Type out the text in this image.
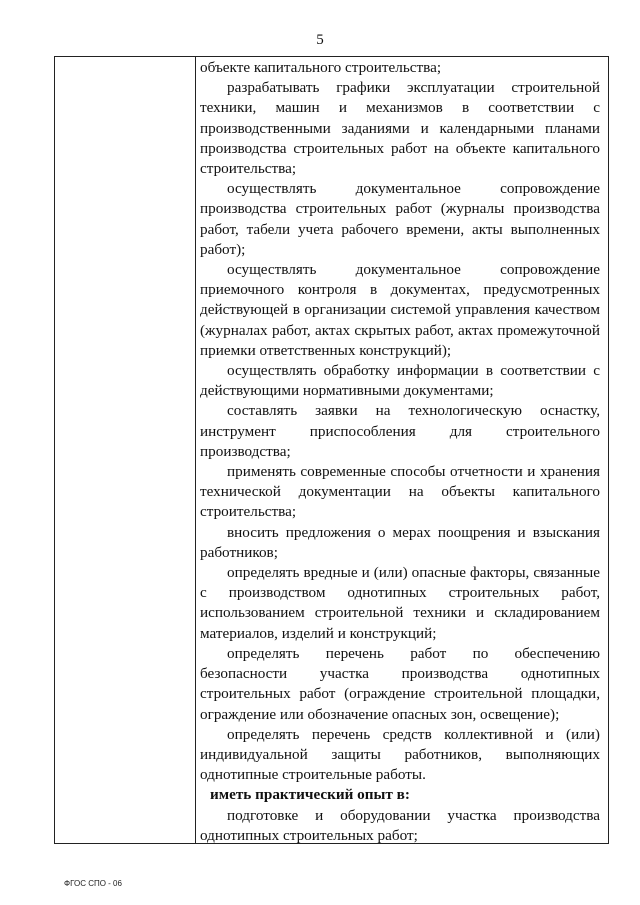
5

объекте капитального строительства;

разрабатывать графики эксплуатации строительной техники, машин и механизмов в соответствии с производственными заданиями и календарными планами производства строительных работ на объекте капитального строительства;

осуществлять документальное сопровождение производства строительных работ (журналы производства работ, табели учета рабочего времени, акты выполненных работ);

осуществлять документальное сопровождение приемочного контроля в документах, предусмотренных действующей в организации системой управления качеством (журналах работ, актах скрытых работ, актах промежуточной приемки ответственных конструкций);

осуществлять обработку информации в соответствии с действующими нормативными документами;

составлять заявки на технологическую оснастку, инструмент приспособления для строительного производства;

применять современные способы отчетности и хранения технической документации на объекты капитального строительства;

вносить предложения о мерах поощрения и взыскания работников;

определять вредные и (или) опасные факторы, связанные с производством однотипных строительных работ, использованием строительной техники и складированием материалов, изделий и конструкций;

определять перечень работ по обеспечению безопасности участка производства однотипных строительных работ (ограждение строительной площадки, ограждение или обозначение опасных зон, освещение);

определять перечень средств коллективной и (или) индивидуальной защиты работников, выполняющих однотипные строительные работы.

иметь практический опыт в:

подготовке и оборудовании участка производства однотипных строительных работ;

ФГОС СПО - 06
